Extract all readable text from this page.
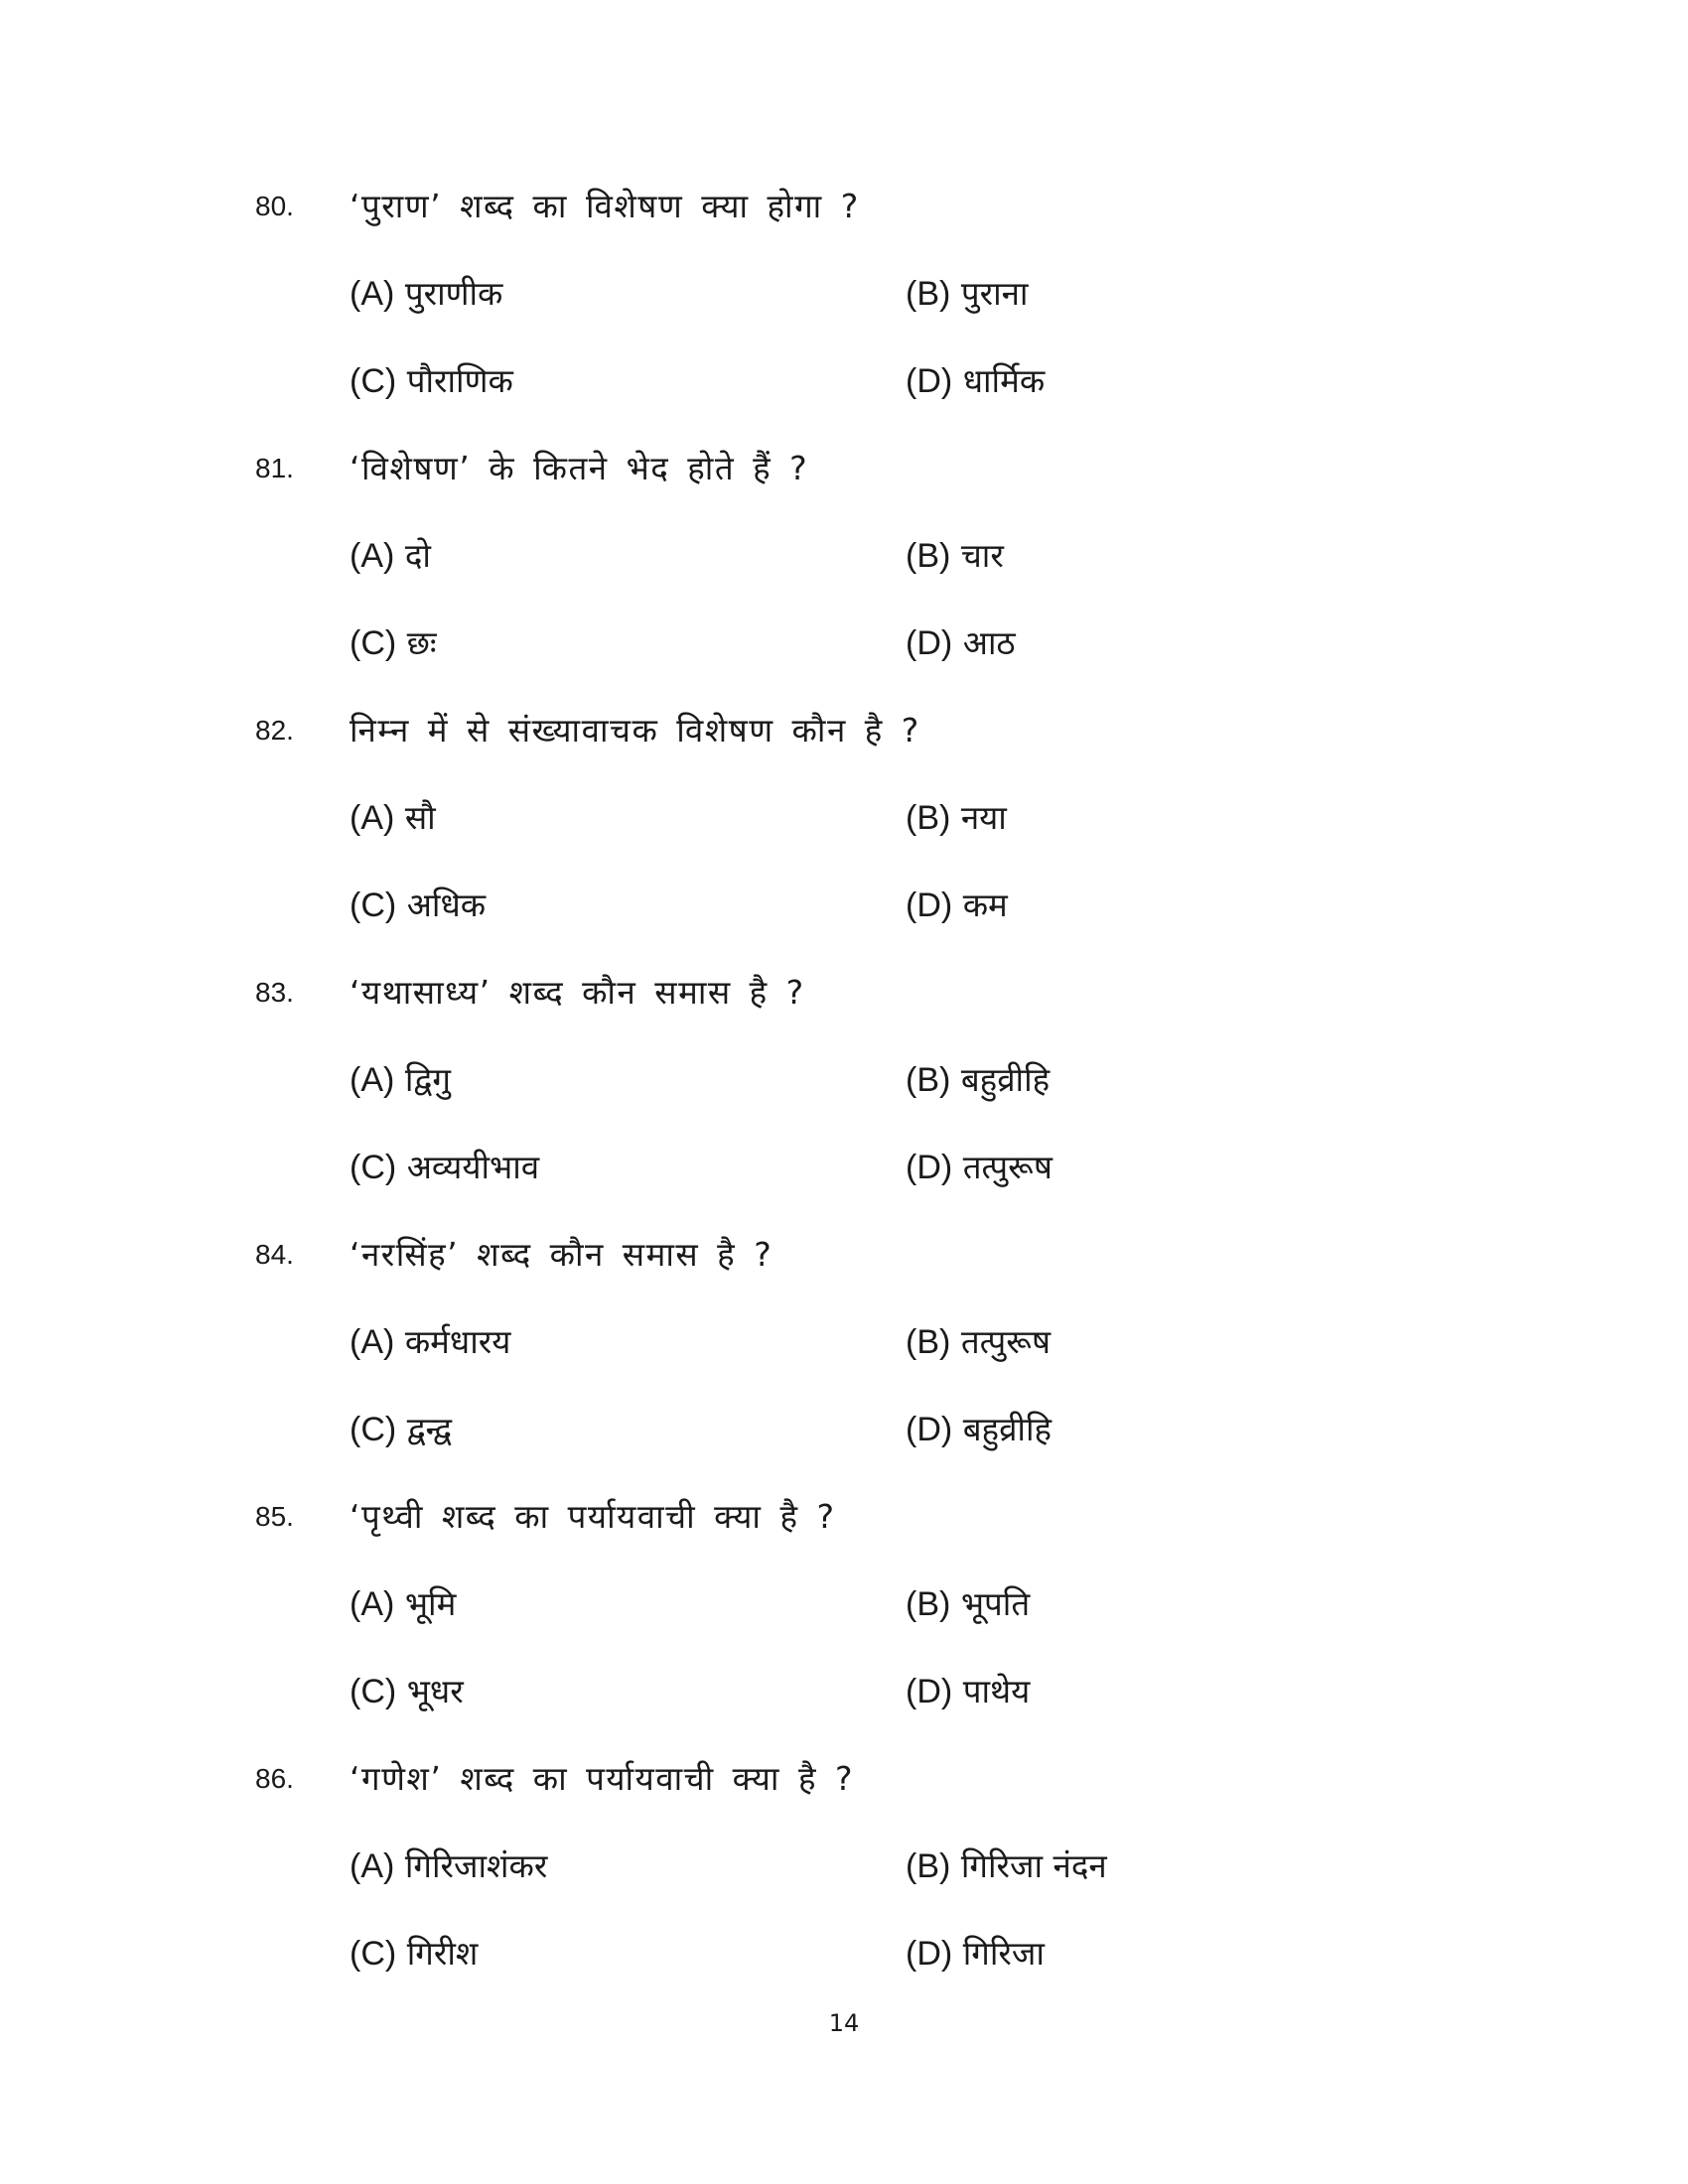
80. ‘पुराण’ शब्द का विशेषण क्या होगा ?
(A) पुराणीक	(B) पुराना
(C) पौराणिक	(D) धार्मिक
81. ‘विशेषण’ के कितने भेद होते हैं ?
(A) दो	(B) चार
(C) छः	(D) आठ
82. निम्न में से संख्यावाचक विशेषण कौन है ?
(A) सौ	(B) नया
(C) अधिक	(D) कम
83. ‘यथासाध्य’ शब्द कौन समास है ?
(A) द्विगु	(B) बहुव्रीहि
(C) अव्ययीभाव	(D) तत्पुरूष
84. ‘नरसिंह’ शब्द कौन समास है ?
(A) कर्मधारय	(B) तत्पुरूष
(C) द्वन्द्व	(D) बहुव्रीहि
85. ‘पृथ्वी शब्द का पर्यायवाची क्या है ?
(A) भूमि	(B) भूपति
(C) भूधर	(D) पाथेय
86. ‘गणेश’ शब्द का पर्यायवाची क्या है ?
(A) गिरिजाशंकर	(B) गिरिजा नंदन
(C) गिरीश	(D) गिरिजा
14
